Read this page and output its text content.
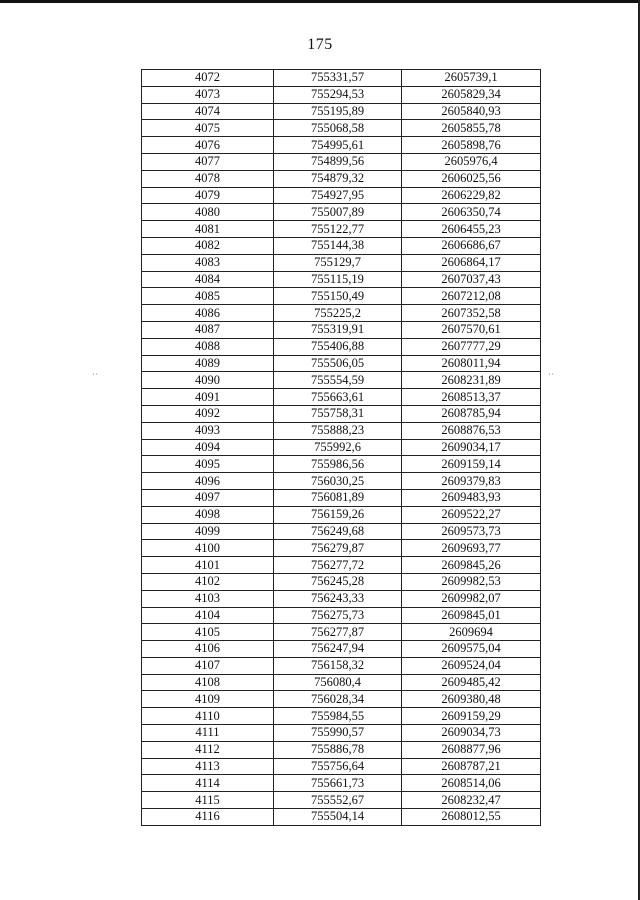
175
˙˙	˙˙
4072	755331,57	2605739,1
4073	755294,53	2605829,34
4074	755195,89	2605840,93
4075	755068,58	2605855,78
4076	754995,61	2605898,76
4077	754899,56	2605976,4
4078	754879,32	2606025,56
4079	754927,95	2606229,82
4080	755007,89	2606350,74
4081	755122,77	2606455,23
4082	755144,38	2606686,67
4083	755129,7	2606864,17
4084	755115,19	2607037,43
4085	755150,49	2607212,08
4086	755225,2	2607352,58
4087	755319,91	2607570,61
4088	755406,88	2607777,29
4089	755506,05	2608011,94
4090	755554,59	2608231,89
4091	755663,61	2608513,37
4092	755758,31	2608785,94
4093	755888,23	2608876,53
4094	755992,6	2609034,17
4095	755986,56	2609159,14
4096	756030,25	2609379,83
4097	756081,89	2609483,93
4098	756159,26	2609522,27
4099	756249,68	2609573,73
4100	756279,87	2609693,77
4101	756277,72	2609845,26
4102	756245,28	2609982,53
4103	756243,33	2609982,07
4104	756275,73	2609845,01
4105	756277,87	2609694
4106	756247,94	2609575,04
4107	756158,32	2609524,04
4108	756080,4	2609485,42
4109	756028,34	2609380,48
4110	755984,55	2609159,29
4111	755990,57	2609034,73
4112	755886,78	2608877,96
4113	755756,64	2608787,21
4114	755661,73	2608514,06
4115	755552,67	2608232,47
4116	755504,14	2608012,55
